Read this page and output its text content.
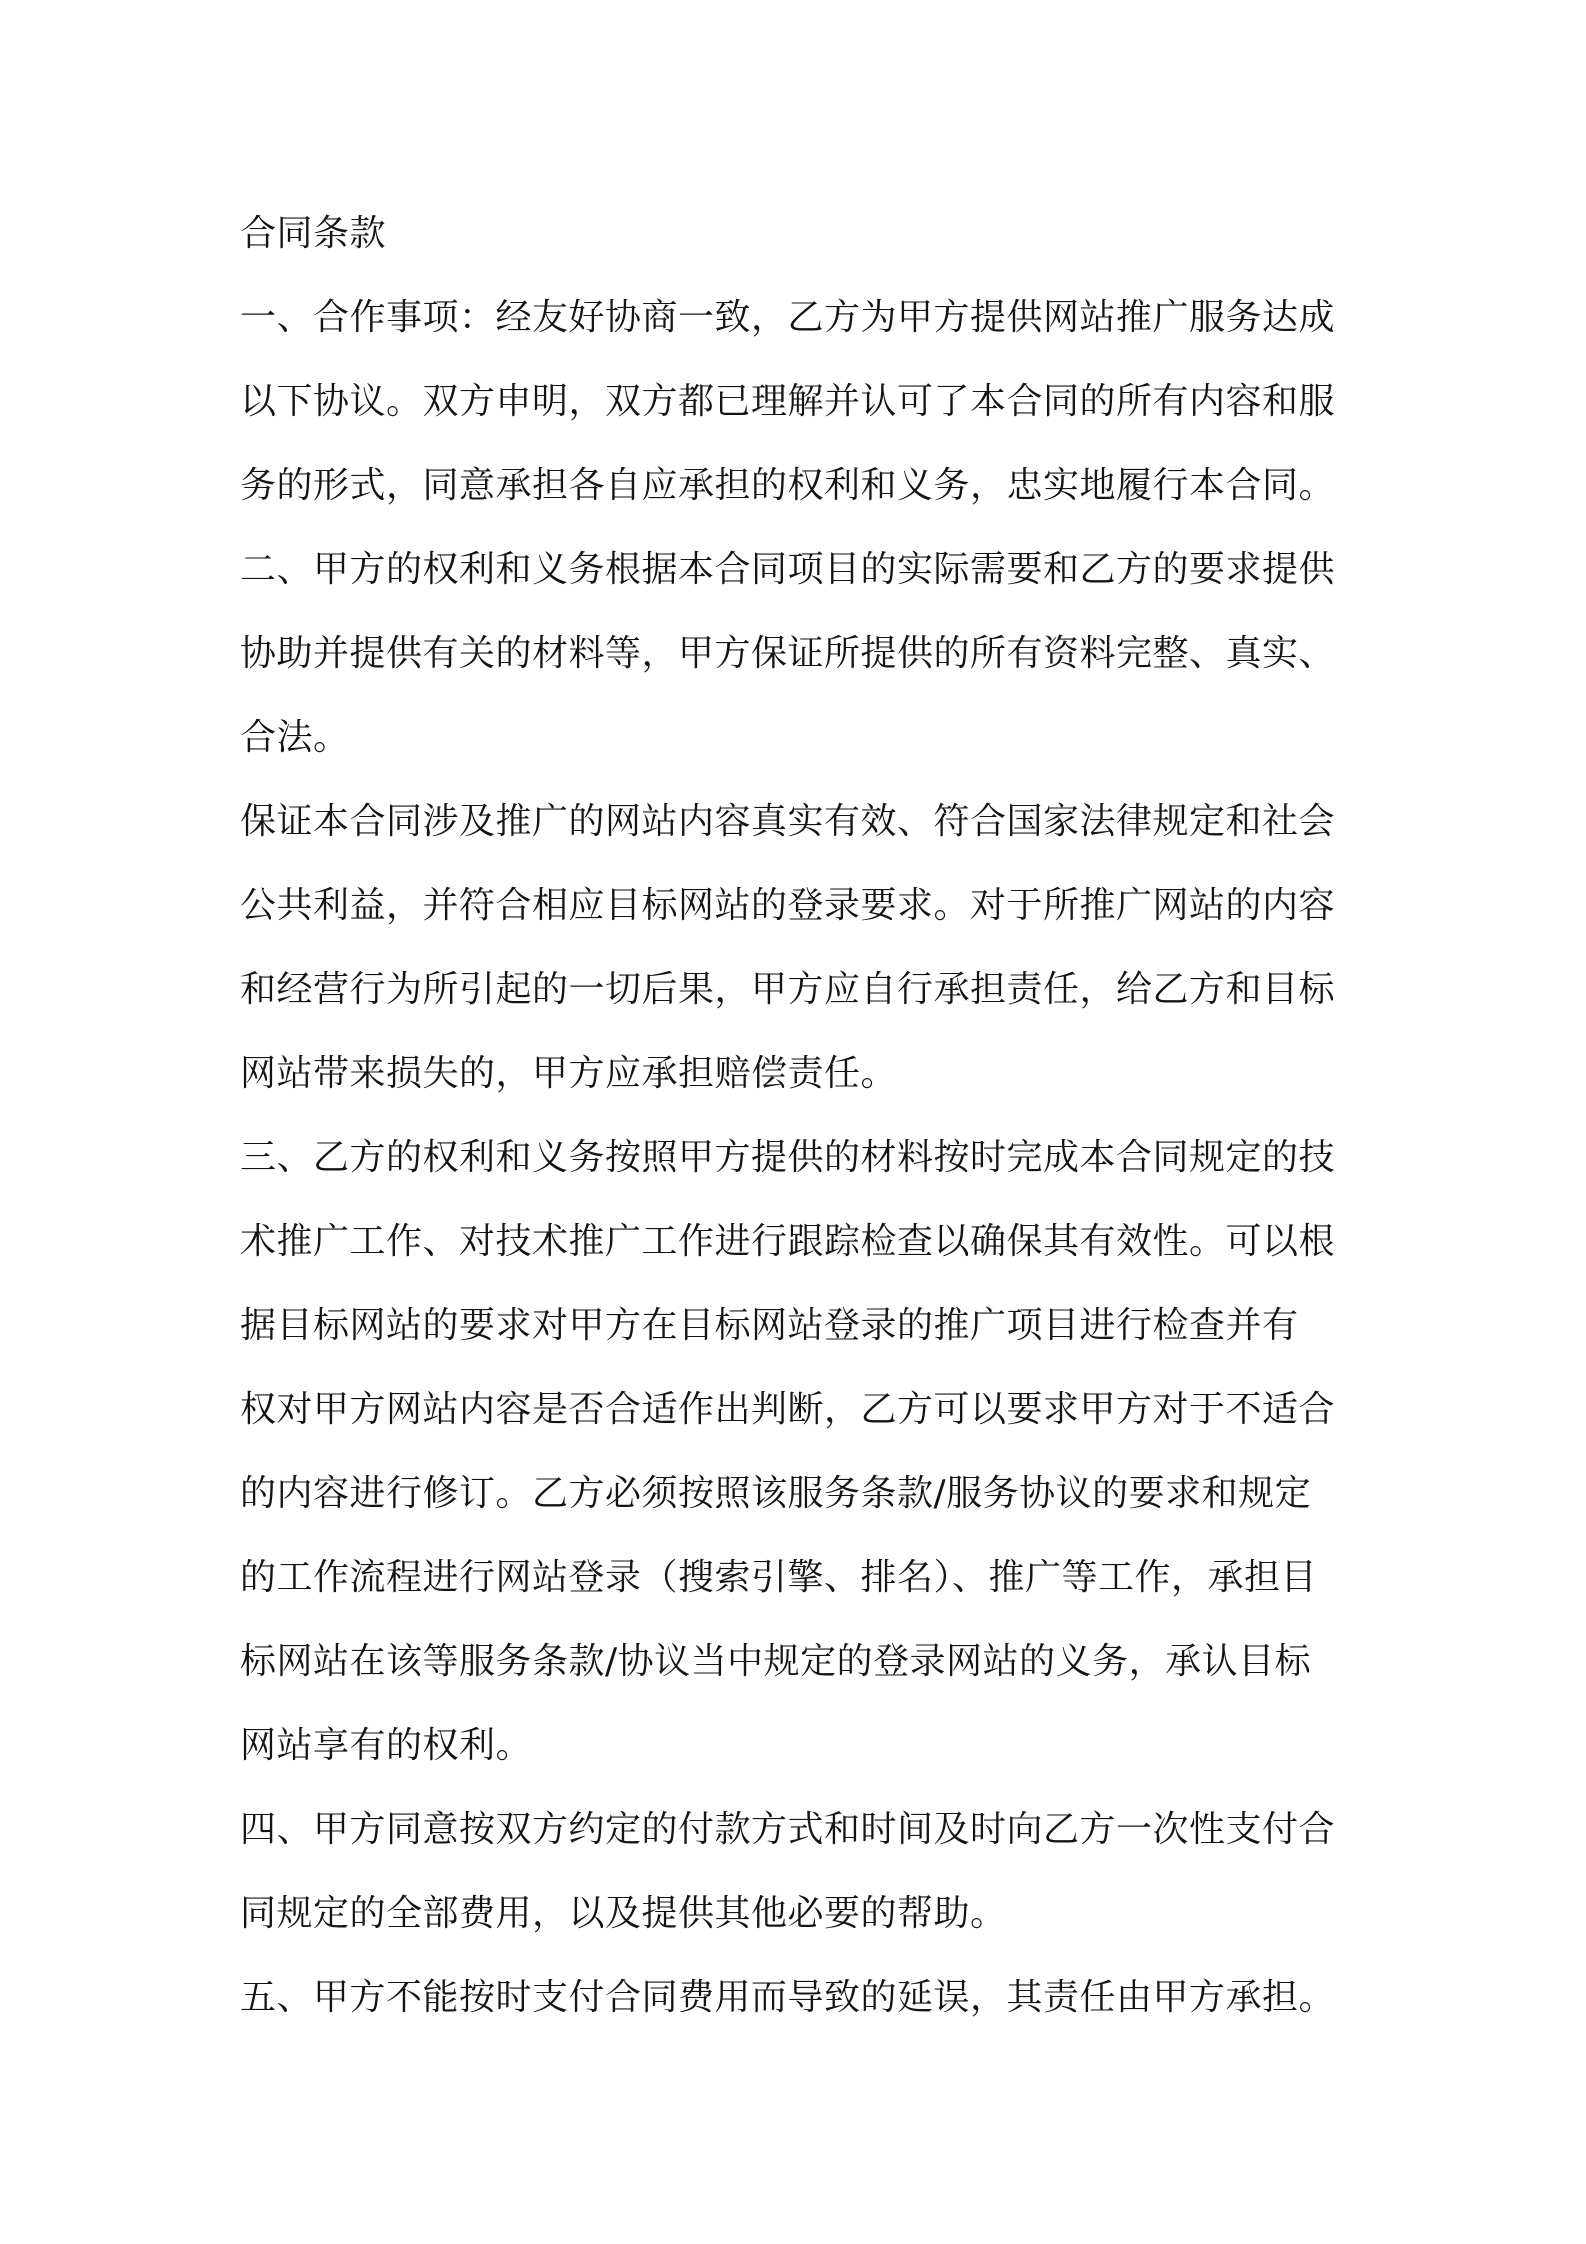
合同条款
一、合作事项：经友好协商一致，乙方为甲方提供网站推广服务达成
以下协议。双方申明，双方都已理解并认可了本合同的所有内容和服
务的形式，同意承担各自应承担的权利和义务，忠实地履行本合同。
二、甲方的权利和义务根据本合同项目的实际需要和乙方的要求提供
协助并提供有关的材料等，甲方保证所提供的所有资料完整、真实、
合法。
保证本合同涉及推广的网站内容真实有效、符合国家法律规定和社会
公共利益，并符合相应目标网站的登录要求。对于所推广网站的内容
和经营行为所引起的一切后果，甲方应自行承担责任，给乙方和目标
网站带来损失的，甲方应承担赔偿责任。
三、乙方的权利和义务按照甲方提供的材料按时完成本合同规定的技
术推广工作、对技术推广工作进行跟踪检查以确保其有效性。可以根
据目标网站的要求对甲方在目标网站登录的推广项目进行检查并有
权对甲方网站内容是否合适作出判断，乙方可以要求甲方对于不适合
的内容进行修订。乙方必须按照该服务条款/服务协议的要求和规定
的工作流程进行网站登录（搜索引擎、排名）、推广等工作，承担目
标网站在该等服务条款/协议当中规定的登录网站的义务，承认目标
网站享有的权利。
四、甲方同意按双方约定的付款方式和时间及时向乙方一次性支付合
同规定的全部费用，以及提供其他必要的帮助。
五、甲方不能按时支付合同费用而导致的延误，其责任由甲方承担。
